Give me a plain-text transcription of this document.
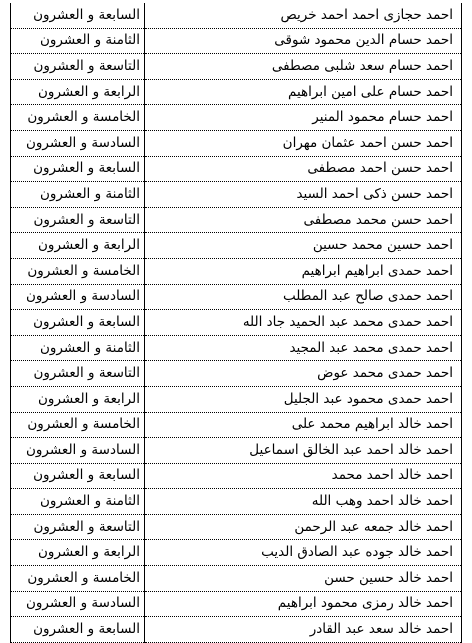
احمد حجازى احمد احمد خريص	السابعة و العشرون
احمد حسام الدين محمود شوقى	الثامنة و العشرون
احمد حسام سعد شلبى مصطفى	التاسعة و العشرون
احمد حسام على امين ابراهيم	الرابعة و العشرون
احمد حسام محمود المنير	الخامسة و العشرون
احمد حسن احمد عثمان مهران	السادسة و العشرون
احمد حسن احمد مصطفى	السابعة و العشرون
احمد حسن ذكى احمد السيد	الثامنة و العشرون
احمد حسن محمد مصطفى	التاسعة و العشرون
احمد حسين محمد حسين	الرابعة و العشرون
احمد حمدى ابراهيم ابراهيم	الخامسة و العشرون
احمد حمدى صالح عبد المطلب	السادسة و العشرون
احمد حمدى محمد عبد الحميد جاد الله	السابعة و العشرون
احمد حمدى محمد عبد المجيد	الثامنة و العشرون
احمد حمدى محمد عوض	التاسعة و العشرون
احمد حمدى محمود عبد الجليل	الرابعة و العشرون
احمد خالد ابراهيم محمد على	الخامسة و العشرون
احمد خالد احمد عبد الخالق اسماعيل	السادسة و العشرون
احمد خالد احمد محمد	السابعة و العشرون
احمد خالد احمد وهب الله	الثامنة و العشرون
احمد خالد جمعه عبد الرحمن	التاسعة و العشرون
احمد خالد جوده عبد الصادق الديب	الرابعة و العشرون
احمد خالد حسين حسن	الخامسة و العشرون
احمد خالد رمزى محمود ابراهيم	السادسة و العشرون
احمد خالد سعد عبد القادر	السابعة و العشرون
